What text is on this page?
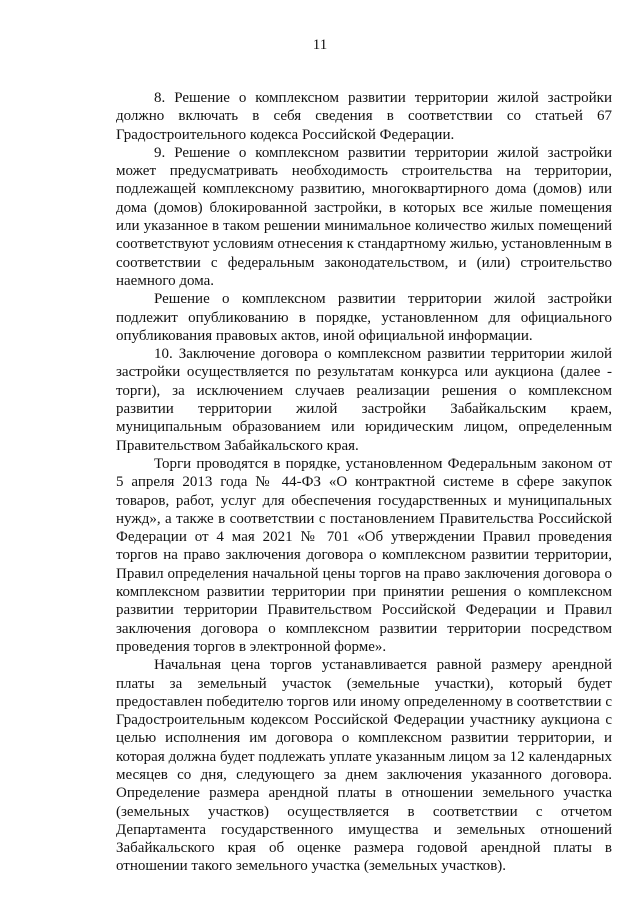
11

8. Решение о комплексном развитии территории жилой застройки должно включать в себя сведения в соответствии со статьей 67 Градостроительного кодекса Российской Федерации.

9. Решение о комплексном развитии территории жилой застройки может предусматривать необходимость строительства на территории, подлежащей комплексному развитию, многоквартирного дома (домов) или дома (домов) блокированной застройки, в которых все жилые помещения или указанное в таком решении минимальное количество жилых помещений соответствуют условиям отнесения к стандартному жилью, установленным в соответствии с федеральным законодательством, и (или) строительство наемного дома.

Решение о комплексном развитии территории жилой застройки подлежит опубликованию в порядке, установленном для официального опубликования правовых актов, иной официальной информации.

10. Заключение договора о комплексном развитии территории жилой застройки осуществляется по результатам конкурса или аукциона (далее - торги), за исключением случаев реализации решения о комплексном развитии территории жилой застройки Забайкальским краем, муниципальным образованием или юридическим лицом, определенным Правительством Забайкальского края.

Торги проводятся в порядке, установленном Федеральным законом от 5 апреля 2013 года № 44-ФЗ «О контрактной системе в сфере закупок товаров, работ, услуг для обеспечения государственных и муниципальных нужд», а также в соответствии с постановлением Правительства Российской Федерации от 4 мая 2021 № 701 «Об утверждении Правил проведения торгов на право заключения договора о комплексном развитии территории, Правил определения начальной цены торгов на право заключения договора о комплексном развитии территории при принятии решения о комплексном развитии территории Правительством Российской Федерации и Правил заключения договора о комплексном развитии территории посредством проведения торгов в электронной форме».

Начальная цена торгов устанавливается равной размеру арендной платы за земельный участок (земельные участки), который будет предоставлен победителю торгов или иному определенному в соответствии с Градостроительным кодексом Российской Федерации участнику аукциона с целью исполнения им договора о комплексном развитии территории, и которая должна будет подлежать уплате указанным лицом за 12 календарных месяцев со дня, следующего за днем заключения указанного договора. Определение размера арендной платы в отношении земельного участка (земельных участков) осуществляется в соответствии с отчетом Департамента государственного имущества и земельных отношений Забайкальского края об оценке размера годовой арендной платы в отношении такого земельного участка (земельных участков).
